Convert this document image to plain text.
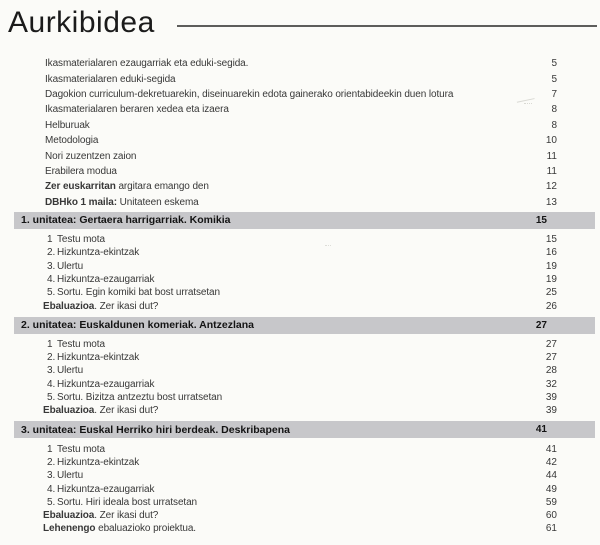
Aurkibidea
Ikasmaterialaren ezaugarriak eta eduki-segida.	5
Ikasmaterialaren eduki-segida	5
Dagokion curriculum-dekretuarekin, diseinuarekin edota gainerako orientabideekin duen lotura	7
Ikasmaterialaren beraren xedea eta izaera	8
Helburuak	8
Metodologia	10
Nori zuzentzen zaion	11
Erabilera modua	11
Zer euskarritan argitara emango den	12
DBHko 1 maila: Unitateen eskema	13
1. unitatea: Gertaera harrigarriak. Komikia	15
1 Testu mota	15
2. Hizkuntza-ekintzak	16
3. Ulertu	19
4. Hizkuntza-ezaugarriak	19
5. Sortu. Egin komiki bat bost urratsetan	25
Ebaluazioa. Zer ikasi dut?	26
2. unitatea: Euskaldunen komeriak. Antzezlana	27
1 Testu mota	27
2. Hizkuntza-ekintzak	27
3. Ulertu	28
4. Hizkuntza-ezaugarriak	32
5. Sortu. Bizitza antzeztu bost urratsetan	39
Ebaluazioa. Zer ikasi dut?	39
3. unitatea: Euskal Herriko hiri berdeak. Deskribapena	41
1 Testu mota	41
2. Hizkuntza-ekintzak	42
3. Ulertu	44
4. Hizkuntza-ezaugarriak	49
5. Sortu. Hiri ideala bost urratsetan	59
Ebaluazioa. Zer ikasi dut?	60
Lehenengo ebaluazioko proiektua.	61
